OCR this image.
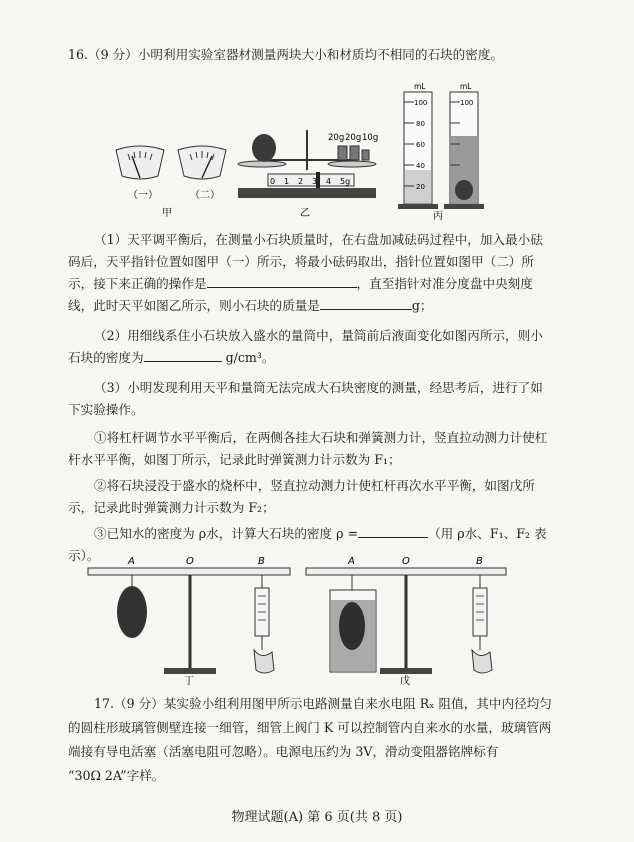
16.（9 分）小明利用实验室器材测量两块大小和材质均不相同的石块的密度。

（一）	（二）
甲
20g 20g 10g
0 1 2 3 4 5g
乙
mL
100
80
60
40
20
mL
100
丙

（1）天平调平衡后，在测量小石块质量时，在右盘加减砝码过程中，加入最小砝

码后，天平指针位置如图甲（一）所示，将最小砝码取出，指针位置如图甲（二）所

示，接下来正确的操作是	，直至指针对准分度盘中央刻度

线，此时天平如图乙所示，则小石块的质量是	g；

（2）用细线系住小石块放入盛水的量筒中，量筒前后液面变化如图丙所示，则小

石块的密度为	g/cm³。

（3）小明发现利用天平和量筒无法完成大石块密度的测量，经思考后，进行了如

下实验操作。

①将杠杆调节水平平衡后，在两侧各挂大石块和弹簧测力计，竖直拉动测力计使杠

杆水平平衡，如图丁所示，记录此时弹簧测力计示数为 F₁；

②将石块浸没于盛水的烧杯中，竖直拉动测力计使杠杆再次水平平衡，如图戊所

示，记录此时弹簧测力计示数为 F₂；

③已知水的密度为 ρ水，计算大石块的密度 ρ =	（用 ρ水、F₁、F₂ 表示）。	A	O	B
丁
A	O	B
戊

17.（9 分）某实验小组利用图甲所示电路测量自来水电阻 Rₓ 阻值，其中内径均匀

的圆柱形玻璃管侧壁连接一细管，细管上阀门 K 可以控制管内自来水的水量，玻璃管两

端接有导电活塞（活塞电阻可忽略）。电源电压约为 3V，滑动变阻器铭牌标有

“30Ω 2A”字样。

物理试题(A) 第 6 页(共 8 页)
